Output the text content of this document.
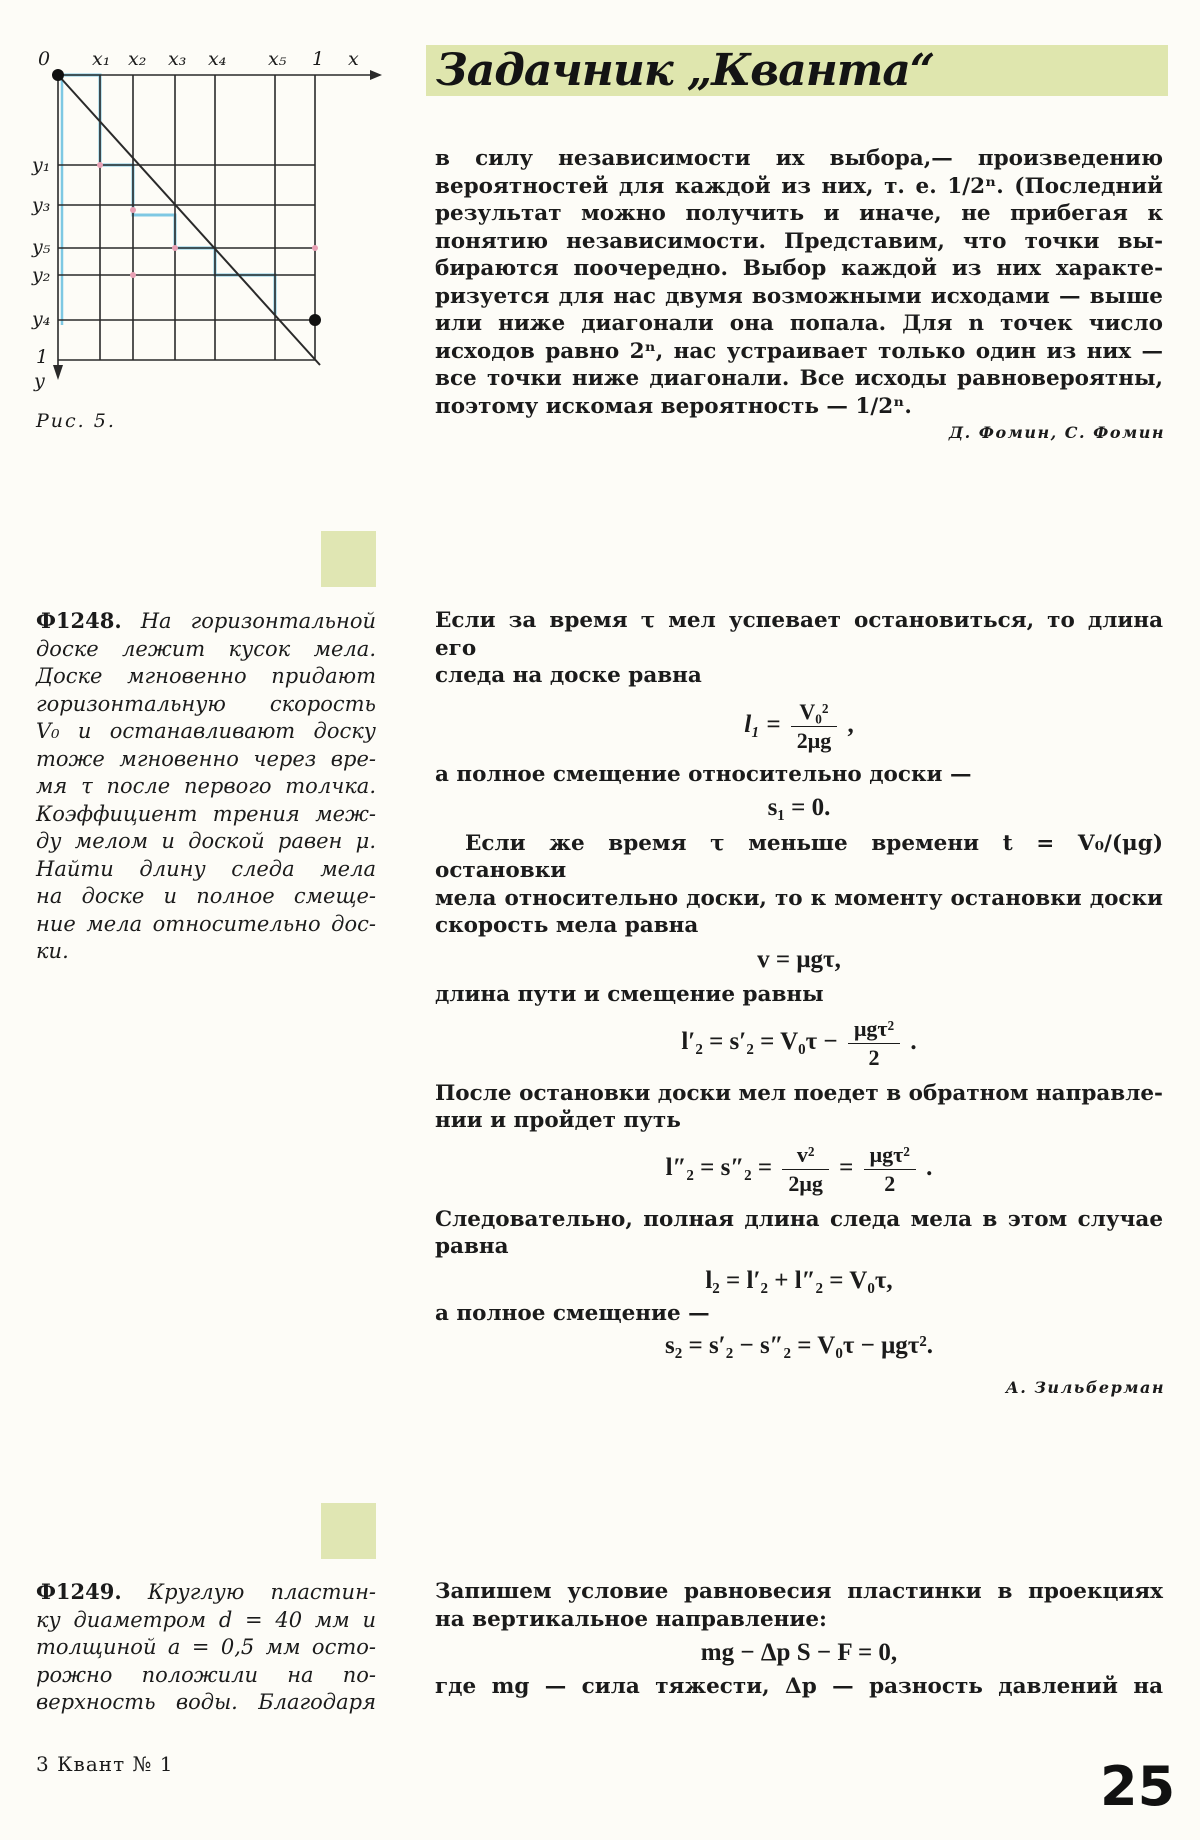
Задачник „Кванта“
0 x₁ x₂ x₃ x₄ x₅ 1 x
y₁
y₃
y₅
y₂
y₄
1
y
Рис. 5.
в силу независимости их выбора,— произведению
вероятностей для каждой из них, т. е. 1/2ⁿ. (Последний
результат можно получить и иначе, не прибегая к
понятию независимости. Представим, что точки вы-
бираются поочередно. Выбор каждой из них характе-
ризуется для нас двумя возможными исходами — выше
или ниже диагонали она попала. Для n точек число
исходов равно 2ⁿ, нас устраивает только один из них —
все точки ниже диагонали. Все исходы равновероятны,
поэтому искомая вероятность — 1/2ⁿ.
Д. Фомин, С. Фомин
Ф1248. На горизонтальной
доске лежит кусок мела.
Доске мгновенно придают
горизонтальную скорость
V₀ и останавливают доску
тоже мгновенно через вре-
мя τ после первого толчка.
Коэффициент трения меж-
ду мелом и доской равен μ.
Найти длину следа мела
на доске и полное смеще-
ние мела относительно дос-
ки.
Если за время τ мел успевает остановиться, то длина его
следа на доске равна
$l_1 = \frac{\text{V₀²}}{2\mu g}$ ,
а полное смещение относительно доски —
s₁ = 0.
Если же время τ меньше времени t = V₀/(μg) остановки
мела относительно доски, то к моменту остановки доски
скорость мела равна
v = μgτ,
длина пути и смещение равны
$l'_2 = s'_2 = V_0\tau - \frac{\text{μgτ²}}{2}$ .
После остановки доски мел поедет в обратном направле-
нии и пройдет путь
$l''_2 = s''_2 = \frac{\text{v²}}{2\mu g} = \frac{\text{μgτ²}}{2}$ .
Следовательно, полная длина следа мела в этом случае
равна
l₂ = l′₂ + l″₂ = V₀τ,
а полное смещение —
s₂ = s′₂ − s″₂ = V₀τ − μgτ².
А. Зильберман
Ф1249. Круглую пластин-
ку диаметром d = 40 мм и
толщиной a = 0,5 мм осто-
рожно положили на по-
верхность воды. Благодаря
Запишем условие равновесия пластинки в проекциях
на вертикальное направление:
mg − Δp S − F = 0,
где mg — сила тяжести, Δp — разность давлений на
3 Квант № 1	25
